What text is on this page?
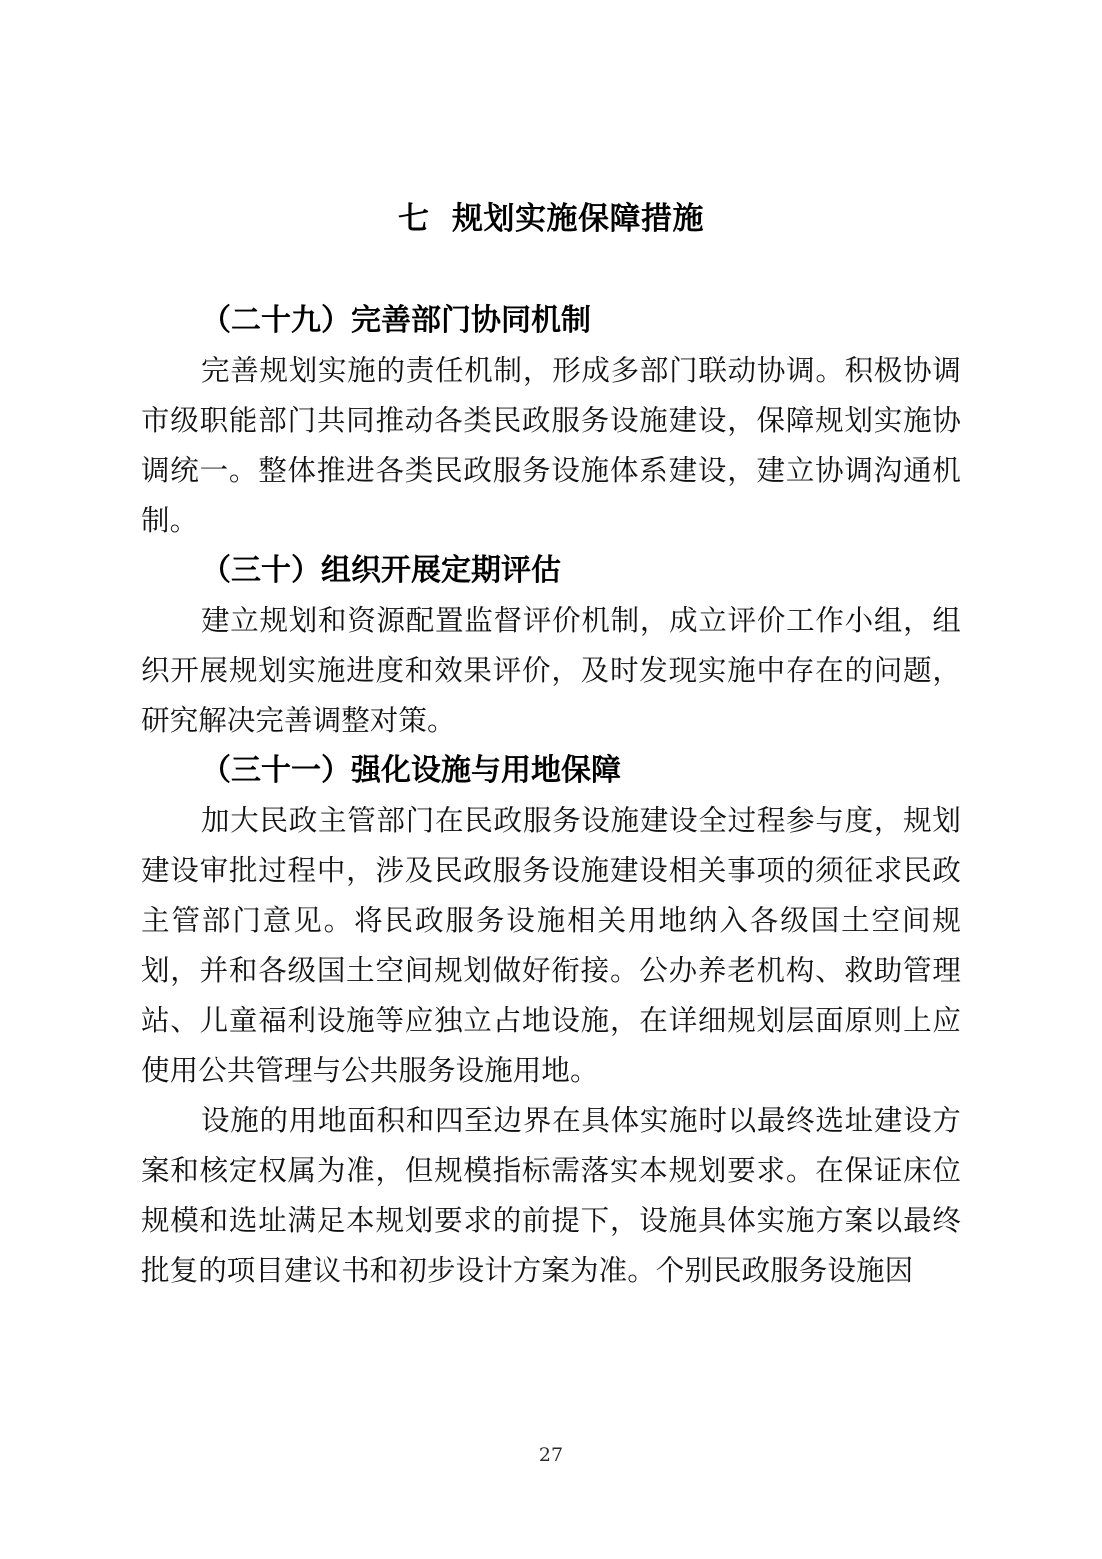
七  规划实施保障措施

（二十九）完善部门协同机制

完善规划实施的责任机制，形成多部门联动协调。积极协调市级职能部门共同推动各类民政服务设施建设，保障规划实施协调统一。整体推进各类民政服务设施体系建设，建立协调沟通机制。

（三十）组织开展定期评估

建立规划和资源配置监督评价机制，成立评价工作小组，组织开展规划实施进度和效果评价，及时发现实施中存在的问题，研究解决完善调整对策。

（三十一）强化设施与用地保障

加大民政主管部门在民政服务设施建设全过程参与度，规划建设审批过程中，涉及民政服务设施建设相关事项的须征求民政主管部门意见。将民政服务设施相关用地纳入各级国土空间规划，并和各级国土空间规划做好衔接。公办养老机构、救助管理站、儿童福利设施等应独立占地设施，在详细规划层面原则上应使用公共管理与公共服务设施用地。

设施的用地面积和四至边界在具体实施时以最终选址建设方案和核定权属为准，但规模指标需落实本规划要求。在保证床位规模和选址满足本规划要求的前提下，设施具体实施方案以最终批复的项目建议书和初步设计方案为准。个别民政服务设施因

27
